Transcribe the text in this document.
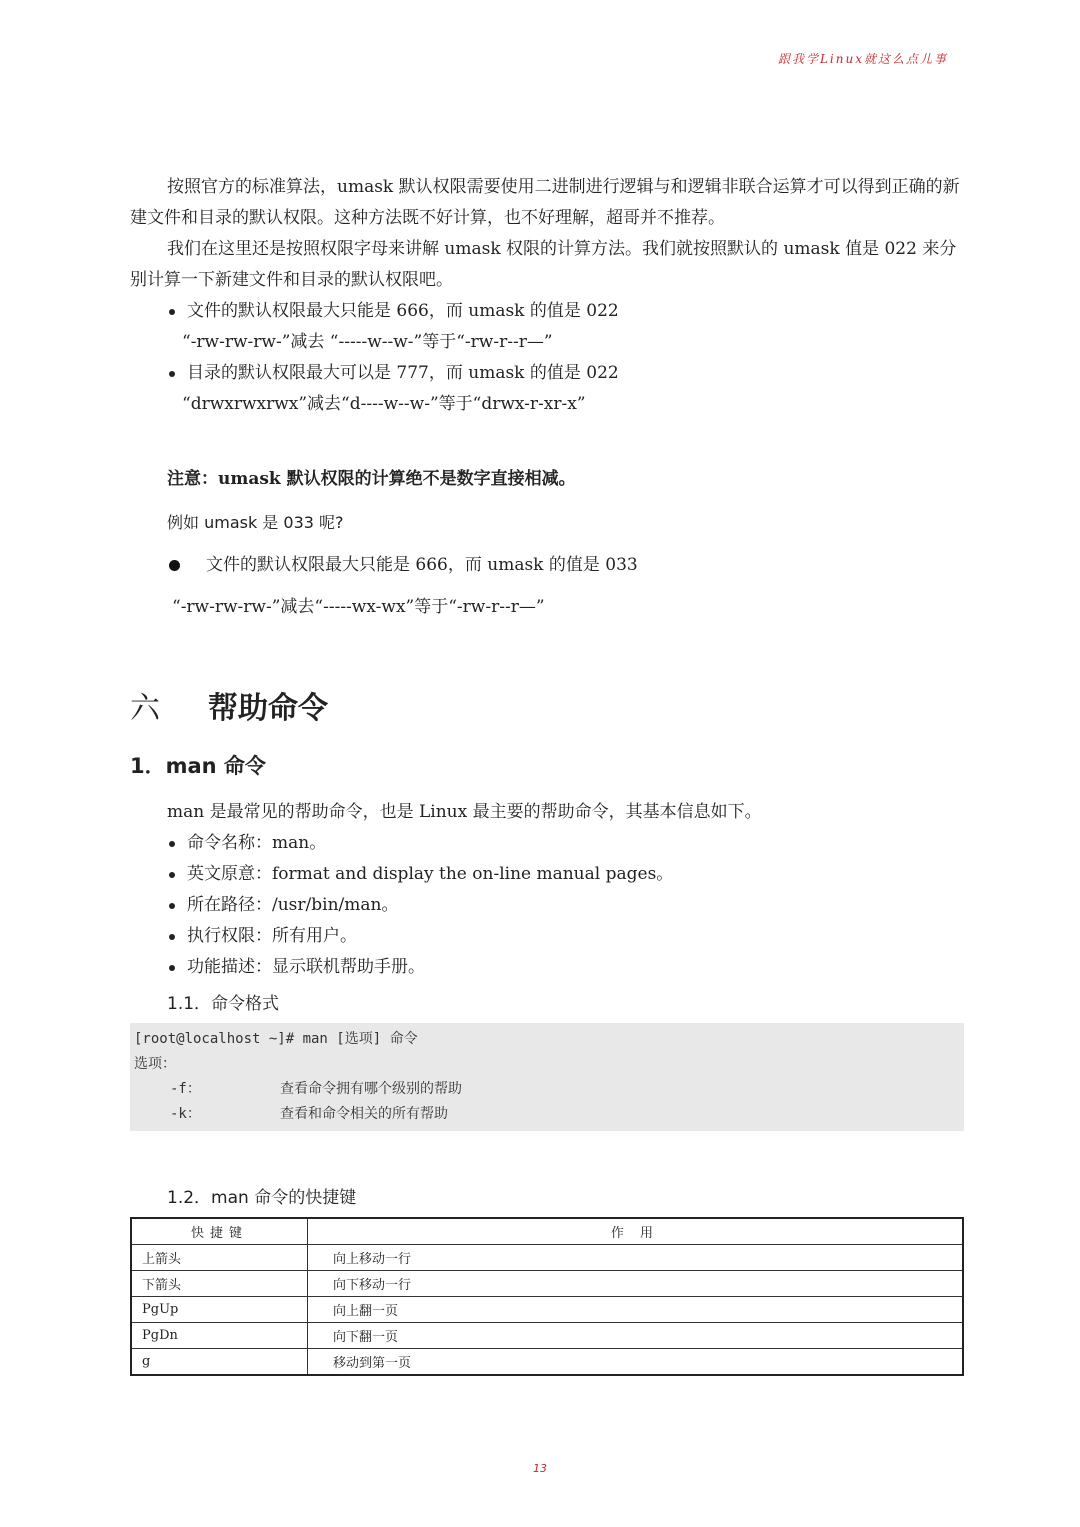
跟我学Linux就这么点儿事

按照官方的标准算法，umask 默认权限需要使用二进制进行逻辑与和逻辑非联合运算才可以得到正确的新建文件和目录的默认权限。这种方法既不好计算，也不好理解，超哥并不推荐。

我们在这里还是按照权限字母来讲解 umask 权限的计算方法。我们就按照默认的 umask 值是 022 来分别计算一下新建文件和目录的默认权限吧。

文件的默认权限最大只能是 666，而 umask 的值是 022
“-rw-rw-rw-”减去 “-----w--w-”等于“-rw-r--r—”
目录的默认权限最大可以是 777，而 umask 的值是 022
“drwxrwxrwx”减去“d----w--w-”等于“drwx-r-xr-x”
注意：umask 默认权限的计算绝不是数字直接相减。
例如 umask 是 033 呢?
文件的默认权限最大只能是 666，而 umask 的值是 033
“-rw-rw-rw-”减去“-----wx-wx”等于“-rw-r--r—”
六	帮助命令
1．man 命令
man 是最常见的帮助命令，也是 Linux 最主要的帮助命令，其基本信息如下。
命令名称：man。
英文原意：format and display the on-line manual pages。
所在路径：/usr/bin/man。
执行权限：所有用户。
功能描述：显示联机帮助手册。
1.1．命令格式
[root@localhost ~]# man [选项] 命令
选项：
-f：	查看命令拥有哪个级别的帮助
-k：	查看和命令相关的所有帮助
1.2．man 命令的快捷键
快捷键	作 用
上箭头	向上移动一行
下箭头	向下移动一行
PgUp	向上翻一页
PgDn	向下翻一页
g	移动到第一页
13
